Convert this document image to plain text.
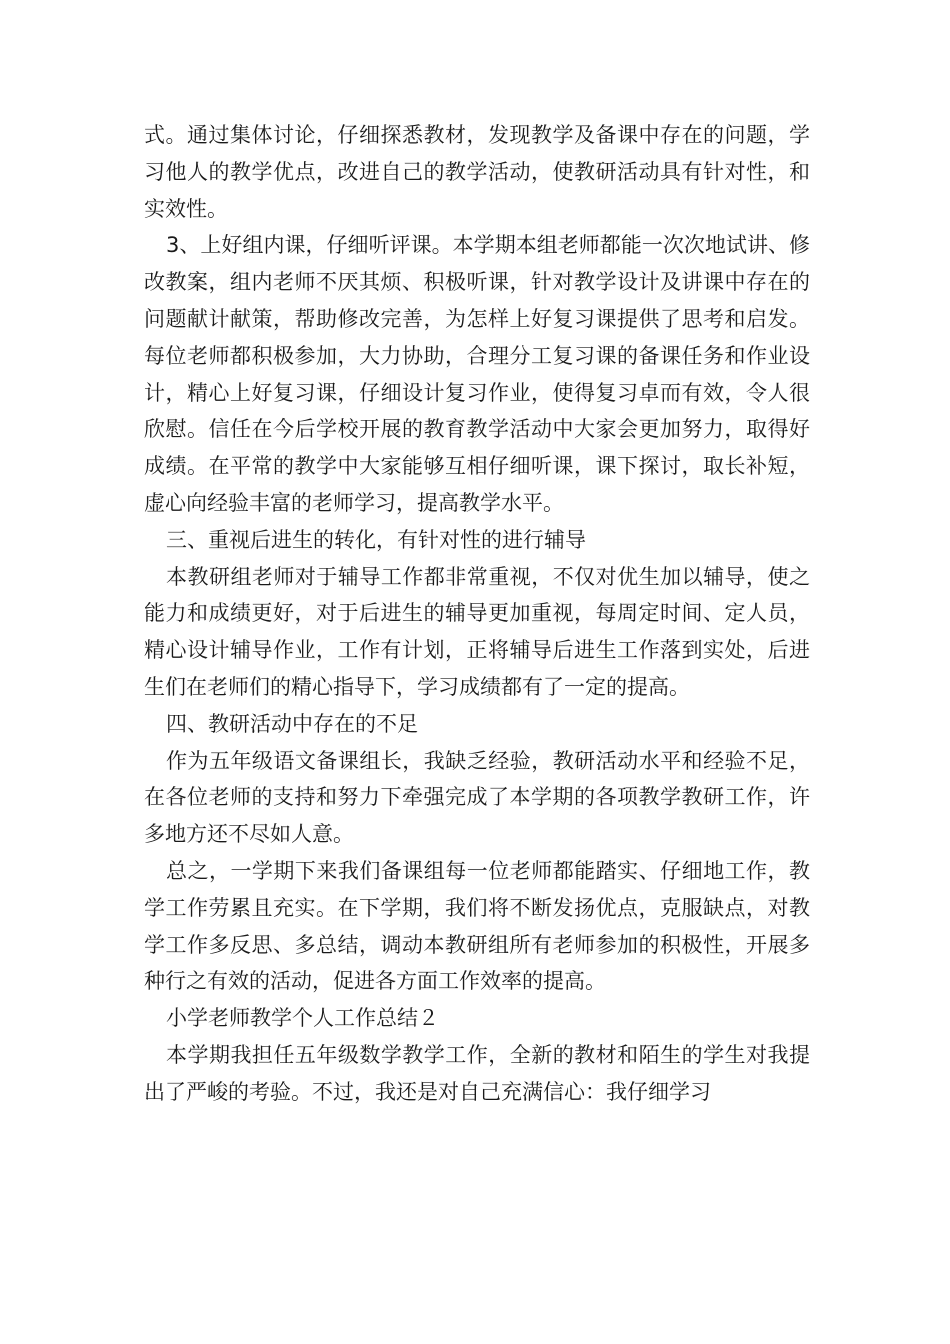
式。通过集体讨论，仔细探悉教材，发现教学及备课中存在的问题，学习他人的教学优点，改进自己的教学活动，使教研活动具有针对性，和实效性。

3、上好组内课，仔细听评课。本学期本组老师都能一次次地试讲、修改教案，组内老师不厌其烦、积极听课，针对教学设计及讲课中存在的问题献计献策，帮助修改完善，为怎样上好复习课提供了思考和启发。每位老师都积极参加，大力协助，合理分工复习课的备课任务和作业设计，精心上好复习课，仔细设计复习作业，使得复习卓而有效，令人很欣慰。信任在今后学校开展的教育教学活动中大家会更加努力，取得好成绩。在平常的教学中大家能够互相仔细听课，课下探讨，取长补短，虚心向经验丰富的老师学习，提高教学水平。

三、重视后进生的转化，有针对性的进行辅导

本教研组老师对于辅导工作都非常重视，不仅对优生加以辅导，使之能力和成绩更好，对于后进生的辅导更加重视，每周定时间、定人员，精心设计辅导作业，工作有计划，正将辅导后进生工作落到实处，后进生们在老师们的精心指导下，学习成绩都有了一定的提高。

四、教研活动中存在的不足

作为五年级语文备课组长，我缺乏经验，教研活动水平和经验不足，在各位老师的支持和努力下牵强完成了本学期的各项教学教研工作，许多地方还不尽如人意。

总之，一学期下来我们备课组每一位老师都能踏实、仔细地工作，教学工作劳累且充实。在下学期，我们将不断发扬优点，克服缺点，对教学工作多反思、多总结，调动本教研组所有老师参加的积极性，开展多种行之有效的活动，促进各方面工作效率的提高。

小学老师教学个人工作总结２

本学期我担任五年级数学教学工作，全新的教材和陌生的学生对我提出了严峻的考验。不过，我还是对自己充满信心：我仔细学习
